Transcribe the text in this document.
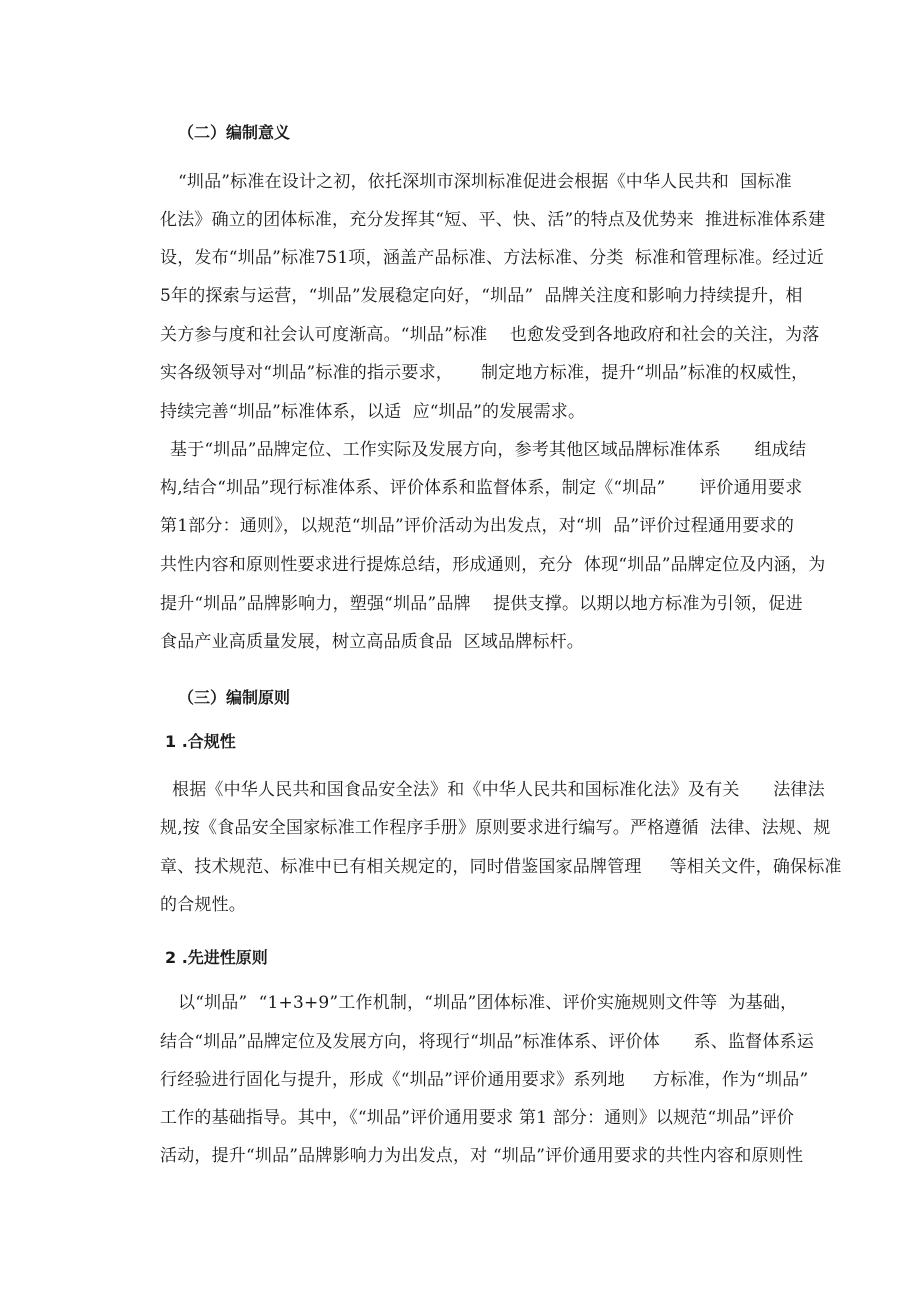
（二）编制意义
“圳品”标准在设计之初，依托深圳市深圳标准促进会根据《中华人民共和  国标准
化法》确立的团体标准，充分发挥其“短、平、快、活”的特点及优势来  推进标准体系建
设，发布“圳品”标准751项，涵盖产品标准、方法标准、分类  标准和管理标准。经过近
5年的探索与运营，“圳品”发展稳定向好，“圳品”  品牌关注度和影响力持续提升，相
关方参与度和社会认可度渐高。“圳品”标准    也愈发受到各地政府和社会的关注，为落
实各级领导对“圳品”标准的指示要求，     制定地方标准，提升“圳品”标准的权威性，
持续完善“圳品”标准体系，以适  应“圳品”的发展需求。
基于“圳品”品牌定位、工作实际及发展方向，参考其他区域品牌标准体系      组成结
构,结合“圳品”现行标准体系、评价体系和监督体系，制定《“圳品”      评价通用要求
第1部分：通则》，以规范“圳品”评价活动为出发点，对“圳  品”评价过程通用要求的
共性内容和原则性要求进行提炼总结，形成通则，充分  体现“圳品”品牌定位及内涵，为
提升“圳品”品牌影响力，塑强“圳品”品牌    提供支撑。以期以地方标准为引领，促进
食品产业高质量发展，树立高品质食品  区域品牌标杆。
（三）编制原则
1 .合规性
根据《中华人民共和国食品安全法》和《中华人民共和国标准化法》及有关      法律法
规,按《食品安全国家标准工作程序手册》原则要求进行编写。严格遵循  法律、法规、规
章、技术规范、标准中已有相关规定的，同时借鉴国家品牌管理     等相关文件，确保标准
的合规性。
2 .先进性原则
以“圳品”  “1+3+9”工作机制，“圳品”团体标准、评价实施规则文件等  为基础，
结合“圳品”品牌定位及发展方向，将现行“圳品”标准体系、评价体      系、监督体系运
行经验进行固化与提升，形成《“圳品”评价通用要求》系列地     方标准，作为“圳品”
工作的基础指导。其中，《“圳品”评价通用要求 第1 部分：通则》以规范“圳品”评价
活动，提升“圳品”品牌影响力为出发点，对 “圳品”评价通用要求的共性内容和原则性
